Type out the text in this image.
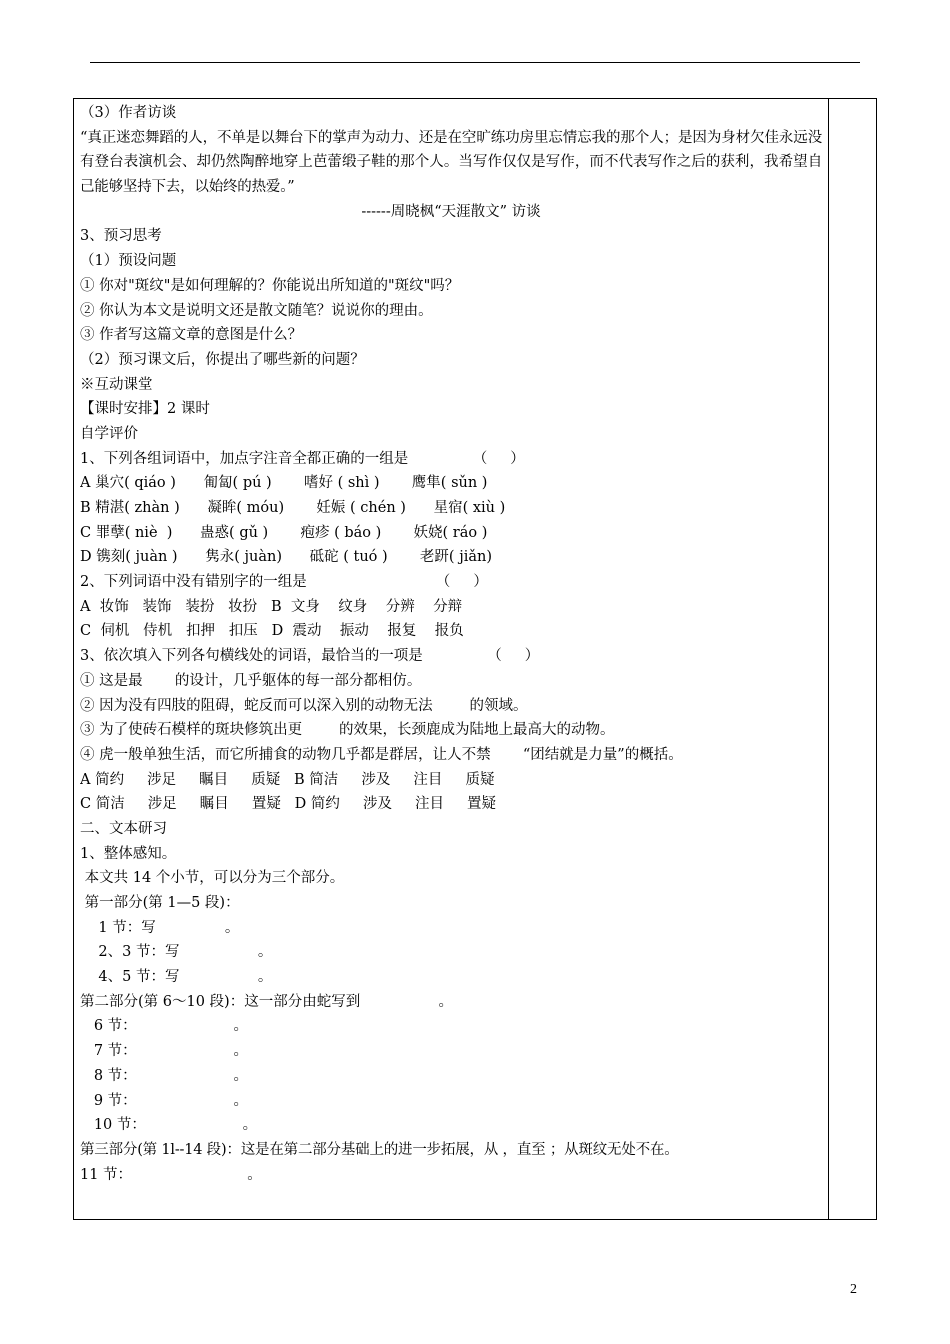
（3）作者访谈
“真正迷恋舞蹈的人，不单是以舞台下的掌声为动力、还是在空旷练功房里忘情忘我的那个人；是因为身材欠佳永远没有登台表演机会、却仍然陶醉地穿上芭蕾缎子鞋的那个人。当写作仅仅是写作，而不代表写作之后的获利，我希望自己能够坚持下去，以始终的热爱。”
------周晓枫“天涯散文” 访谈
3、预习思考
（1）预设问题
① 你对"斑纹"是如何理解的？你能说出所知道的"斑纹"吗？
② 你认为本文是说明文还是散文随笔？说说你的理由。
③ 作者写这篇文章的意图是什么？
（2）预习课文后，你提出了哪些新的问题？
※互动课堂
【课时安排】2 课时
自学评价
1、下列各组词语中，加点字注音全都正确的一组是              （     ）
A 巢穴( qiáo )      匍匐( pú )       嗜好 ( shì )       鹰隼( sǔn )
B 精湛( zhàn )      凝眸( móu)       妊娠 ( chén )      星宿( xiù )
C 罪孽( niè  )      蛊惑( gǔ )       疱疹 ( báo )       妖娆( ráo )
D 镌刻( juàn )      隽永( juàn)      砥砣 ( tuó )       老趼( jiǎn)
2、下列词语中没有错别字的一组是                            （     ）
A  妆饰   装饰   装扮   妆扮   B  文身    纹身    分辨    分辩
C  伺机   侍机   扣押   扣压   D  震动    振动    报复    报负
3、依次填入下列各句横线处的词语，最恰当的一项是              （     ）
① 这是最       的设计，几乎躯体的每一部分都相仿。
② 因为没有四肢的阻碍，蛇反而可以深入别的动物无法        的领域。
③ 为了使砖石模样的斑块修筑出更        的效果，长颈鹿成为陆地上最高大的动物。
④ 虎一般单独生活，而它所捕食的动物几乎都是群居，让人不禁       “团结就是力量”的概括。
A 简约     涉足     瞩目     质疑   B 简洁     涉及     注目     质疑
C 简洁     涉足     瞩目     置疑   D 简约     涉及     注目     置疑
二、文本研习
1、整体感知。
本文共 14 个小节，可以分为三个部分。
第一部分(第 1—5 段)：
1 节：写               。
2、3 节：写                 。
4、5 节：写                 。
第二部分(第 6～10 段)：这一部分由蛇写到                 。
6 节：                     。
7 节：                     。
8 节：                     。
9 节：                     。
10 节：                     。
第三部分(第 1l--14 段)：这是在第二部分基础上的进一步拓展，从 ，直至 ；从斑纹无处不在。
11 节：                         。
2
